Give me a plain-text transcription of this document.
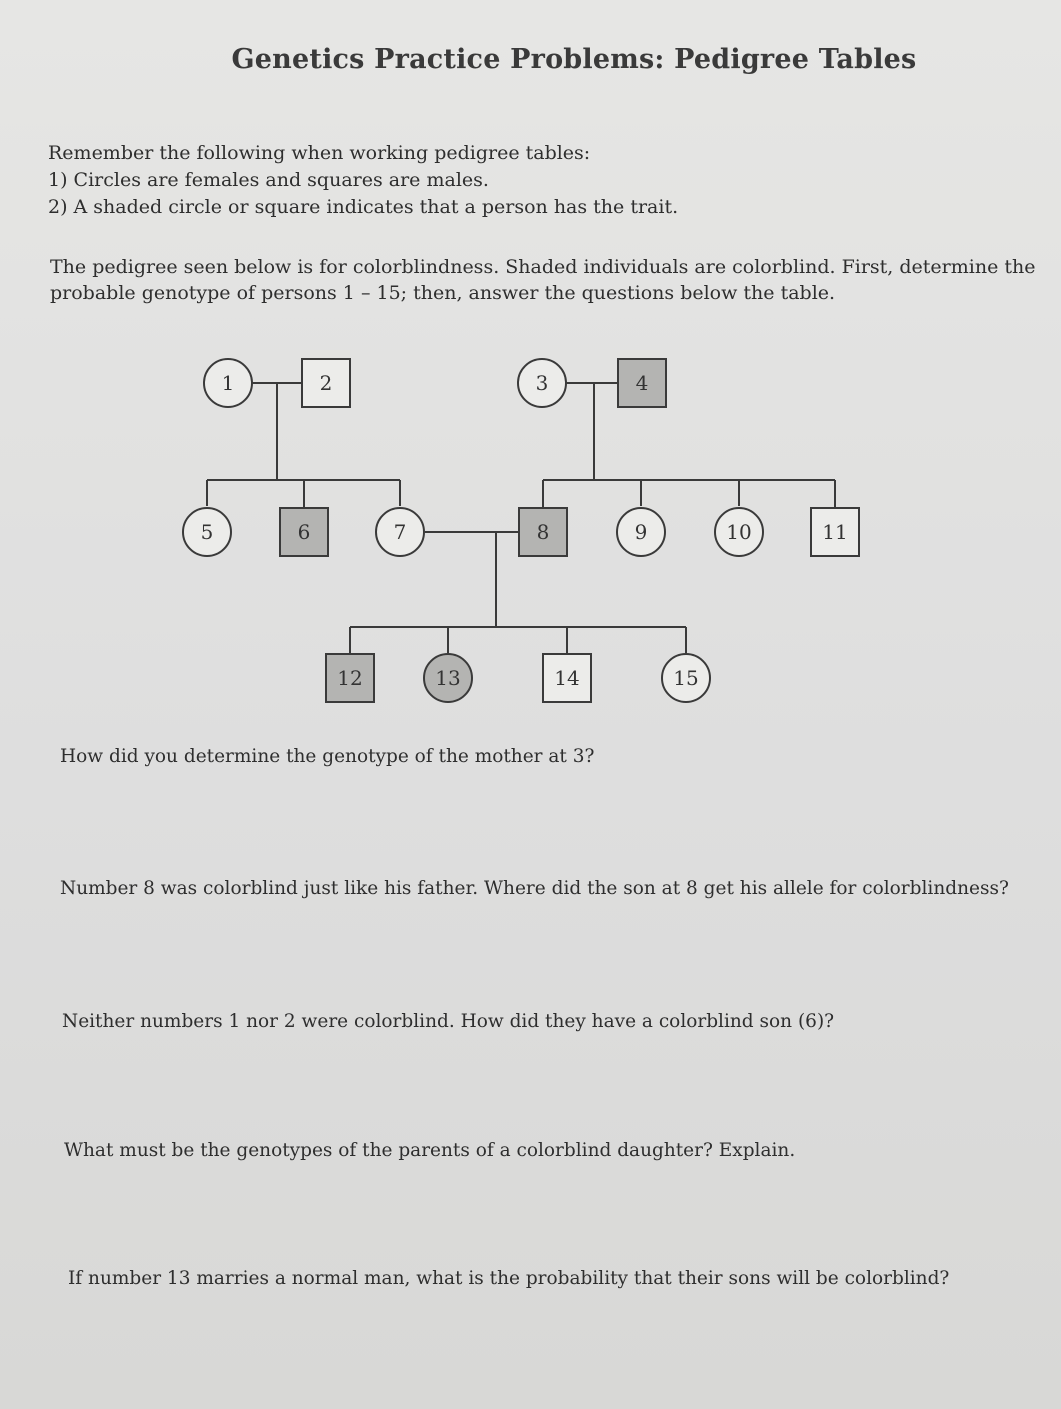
Genetics Practice Problems: Pedigree Tables
Remember the following when working pedigree tables:
1) Circles are females and squares are males.
2) A shaded circle or square indicates that a person has the trait.
The pedigree seen below is for colorblindness. Shaded individuals are colorblind. First, determine the
probable genotype of persons 1 – 15; then, answer the questions below the table.
1	2	3	4
5	6	7	8	9	10	11
12	13	14	15
How did you determine the genotype of the mother at 3?
Number 8 was colorblind just like his father. Where did the son at 8 get his allele for colorblindness?
Neither numbers 1 nor 2 were colorblind. How did they have a colorblind son (6)?
What must be the genotypes of the parents of a colorblind daughter? Explain.
If number 13 marries a normal man, what is the probability that their sons will be colorblind?
